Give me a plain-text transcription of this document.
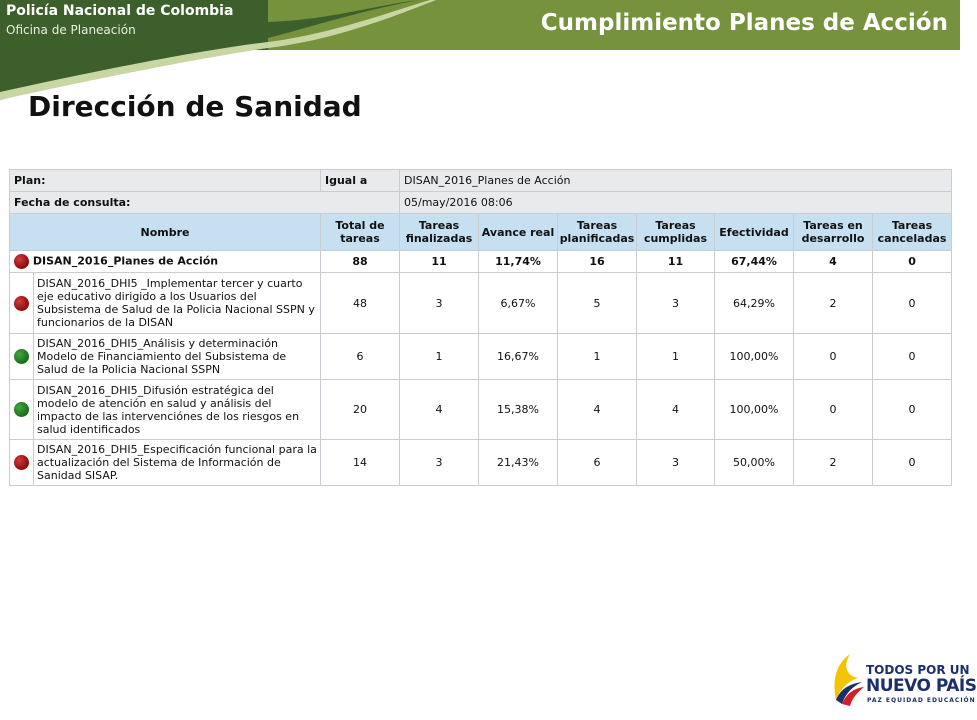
Policía Nacional de Colombia
Oficina de Planeación	Cumplimiento Planes de Acción
Dirección de Sanidad
Plan:		Igual a	DISAN_2016_Planes de Acción						
Fecha de consulta:			05/may/2016 08:06						
Nombre		Total de tareas	Tareas finalizadas	Avance real	Tareas planificadas	Tareas cumplidas	Efectividad	Tareas en desarrollo	Tareas canceladas
DISAN_2016_Planes de Acción		88	11	11,74%	16	11	67,44%	4	0
	DISAN_2016_DHI5 _Implementar tercer y cuarto eje educativo dirigido a los Usuarios del Subsistema de Salud de la Policia Nacional SSPN y funcionarios de la DISAN	48	3	6,67%	5	3	64,29%	2	0
	DISAN_2016_DHI5_Análisis y determinación Modelo de Financiamiento del Subsistema de Salud de la Policia Nacional SSPN	6	1	16,67%	1	1	100,00%	0	0
	DISAN_2016_DHI5_Difusión estratégica del modelo de atención en salud y análisis del impacto de las intervenciónes de los riesgos en salud identificados	20	4	15,38%	4	4	100,00%	0	0
	DISAN_2016_DHI5_Especificación funcional para la actualización del Sistema de Información de Sanidad SISAP.	14	3	21,43%	6	3	50,00%	2	0
TODOS POR UN
NUEVO PAÍS
PAZ EQUIDAD EDUCACIÓN
